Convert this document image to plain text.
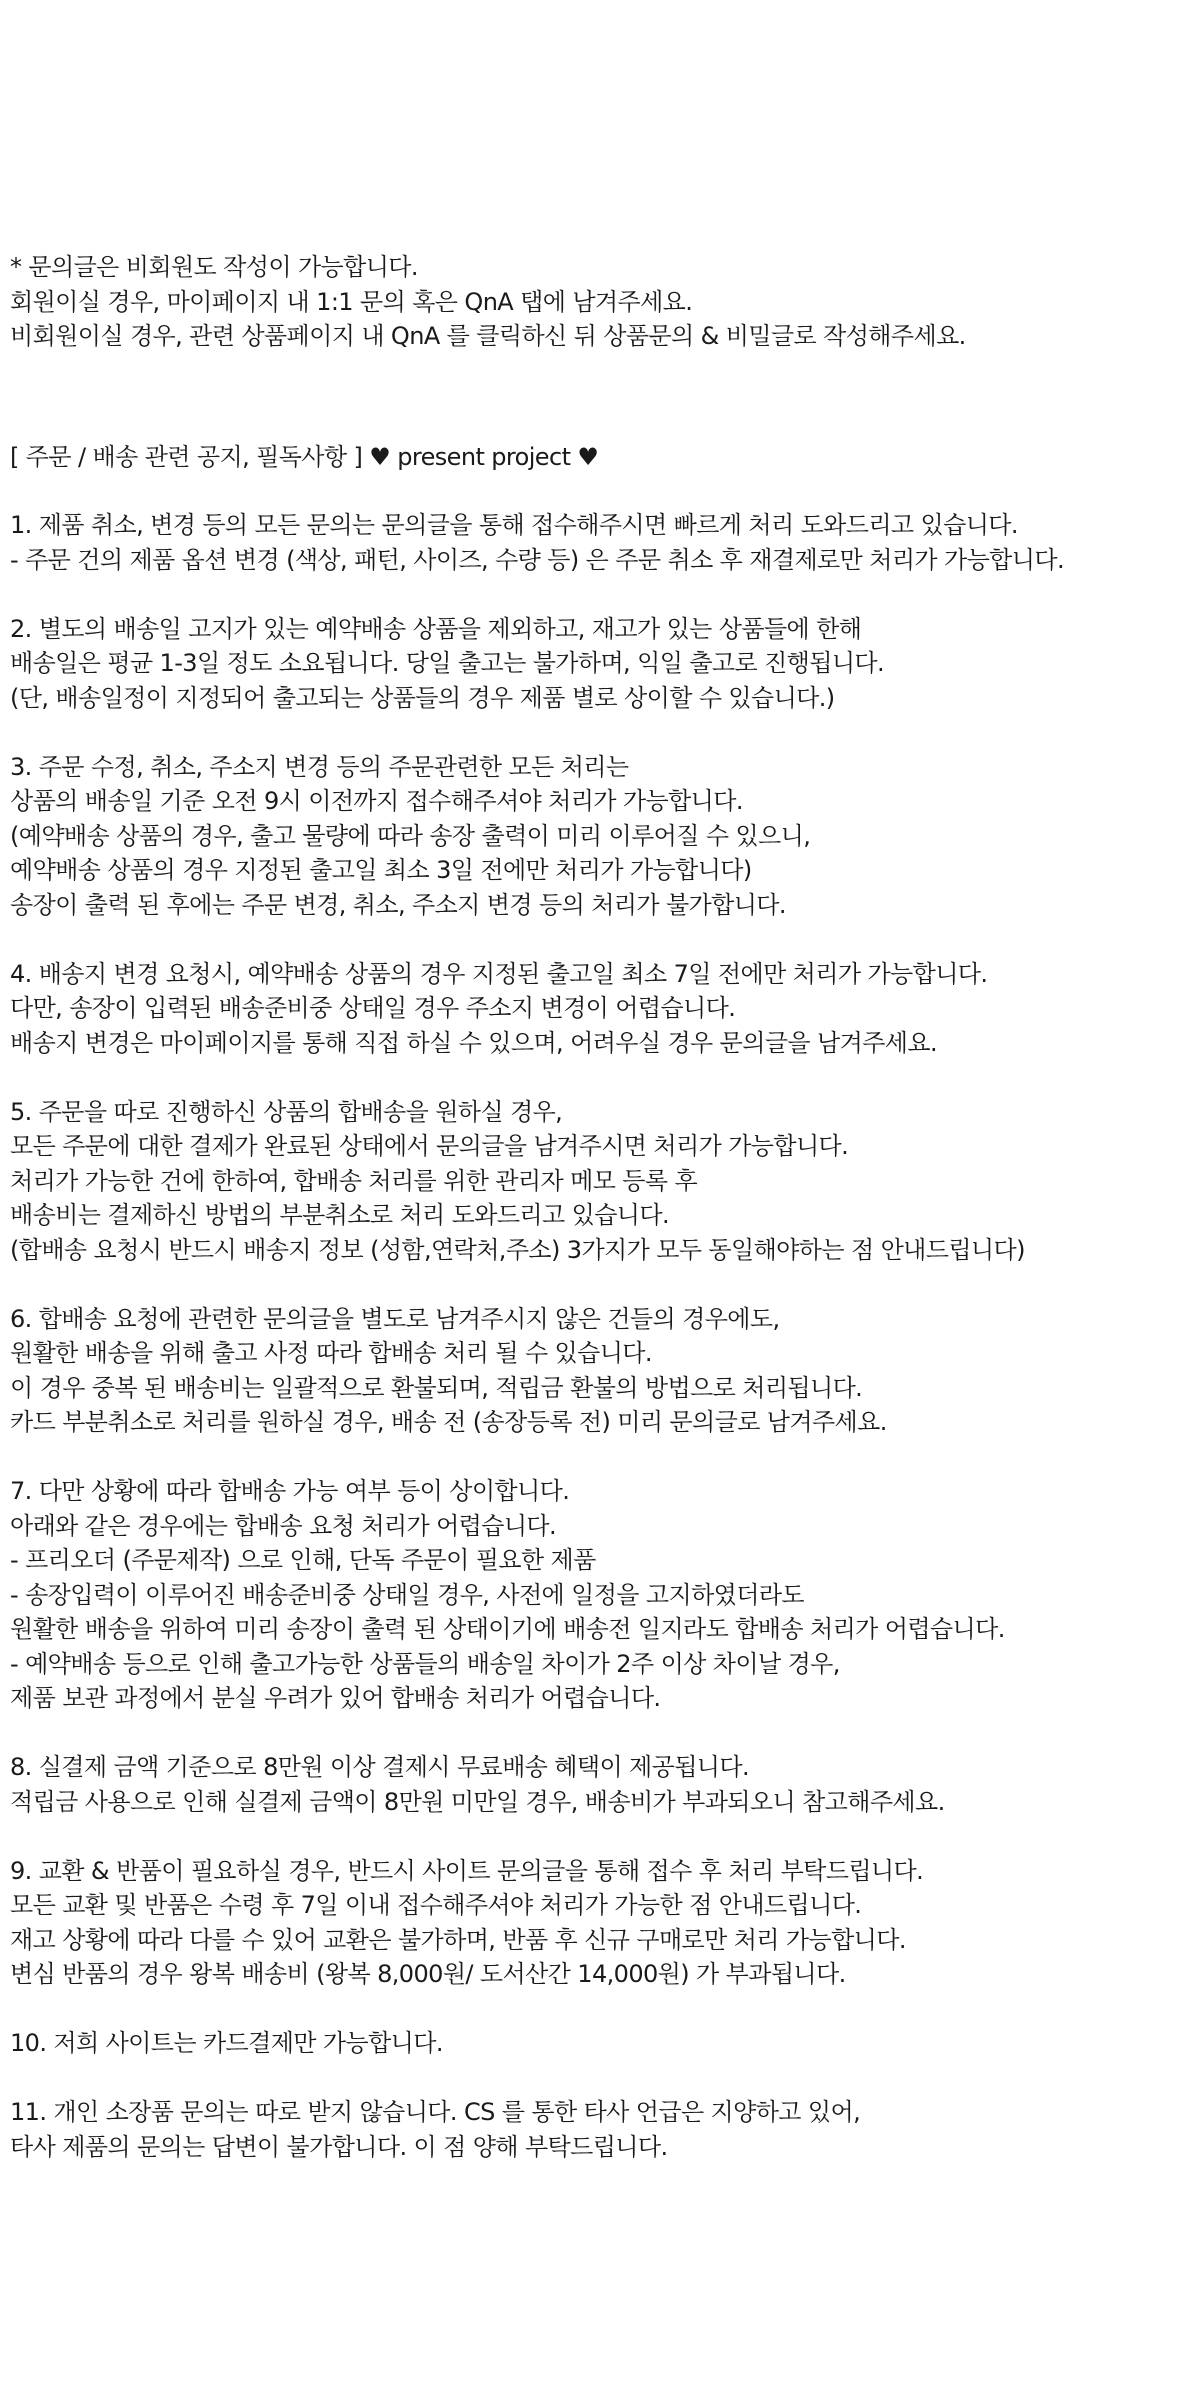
* 문의글은 비회원도 작성이 가능합니다.
회원이실 경우, 마이페이지 내 1:1 문의 혹은 QnA 탭에 남겨주세요.
비회원이실 경우, 관련 상품페이지 내 QnA 를 클릭하신 뒤 상품문의 & 비밀글로 작성해주세요.
[ 주문 / 배송 관련 공지, 필독사항 ] ♥ present project ♥
1. 제품 취소, 변경 등의 모든 문의는 문의글을 통해 접수해주시면 빠르게 처리 도와드리고 있습니다.
- 주문 건의 제품 옵션 변경 (색상, 패턴, 사이즈, 수량 등) 은 주문 취소 후 재결제로만 처리가 가능합니다.
2. 별도의 배송일 고지가 있는 예약배송 상품을 제외하고, 재고가 있는 상품들에 한해
배송일은 평균 1-3일 정도 소요됩니다. 당일 출고는 불가하며, 익일 출고로 진행됩니다.
(단, 배송일정이 지정되어 출고되는 상품들의 경우 제품 별로 상이할 수 있습니다.)
3. 주문 수정, 취소, 주소지 변경 등의 주문관련한 모든 처리는
상품의 배송일 기준 오전 9시 이전까지 접수해주셔야 처리가 가능합니다.
(예약배송 상품의 경우, 출고 물량에 따라 송장 출력이 미리 이루어질 수 있으니,
예약배송 상품의 경우 지정된 출고일 최소 3일 전에만 처리가 가능합니다)
송장이 출력 된 후에는 주문 변경, 취소, 주소지 변경 등의 처리가 불가합니다.
4. 배송지 변경 요청시, 예약배송 상품의 경우 지정된 출고일 최소 7일 전에만 처리가 가능합니다.
다만, 송장이 입력된 배송준비중 상태일 경우 주소지 변경이 어렵습니다.
배송지 변경은 마이페이지를 통해 직접 하실 수 있으며, 어려우실 경우 문의글을 남겨주세요.
5. 주문을 따로 진행하신 상품의 합배송을 원하실 경우,
모든 주문에 대한 결제가 완료된 상태에서 문의글을 남겨주시면 처리가 가능합니다.
처리가 가능한 건에 한하여, 합배송 처리를 위한 관리자 메모 등록 후
배송비는 결제하신 방법의 부분취소로 처리 도와드리고 있습니다.
(합배송 요청시 반드시 배송지 정보 (성함,연락처,주소) 3가지가 모두 동일해야하는 점 안내드립니다)
6. 합배송 요청에 관련한 문의글을 별도로 남겨주시지 않은 건들의 경우에도,
원활한 배송을 위해 출고 사정 따라 합배송 처리 될 수 있습니다.
이 경우 중복 된 배송비는 일괄적으로 환불되며, 적립금 환불의 방법으로 처리됩니다.
카드 부분취소로 처리를 원하실 경우, 배송 전 (송장등록 전) 미리 문의글로 남겨주세요.
7. 다만 상황에 따라 합배송 가능 여부 등이 상이합니다.
아래와 같은 경우에는 합배송 요청 처리가 어렵습니다.
- 프리오더 (주문제작) 으로 인해, 단독 주문이 필요한 제품
- 송장입력이 이루어진 배송준비중 상태일 경우, 사전에 일정을 고지하였더라도
원활한 배송을 위하여 미리 송장이 출력 된 상태이기에 배송전 일지라도 합배송 처리가 어렵습니다.
- 예약배송 등으로 인해 출고가능한 상품들의 배송일 차이가 2주 이상 차이날 경우,
제품 보관 과정에서 분실 우려가 있어 합배송 처리가 어렵습니다.
8. 실결제 금액 기준으로 8만원 이상 결제시 무료배송 혜택이 제공됩니다.
적립금 사용으로 인해 실결제 금액이 8만원 미만일 경우, 배송비가 부과되오니 참고해주세요.
9. 교환 & 반품이 필요하실 경우, 반드시 사이트 문의글을 통해 접수 후 처리 부탁드립니다.
모든 교환 및 반품은 수령 후 7일 이내 접수해주셔야 처리가 가능한 점 안내드립니다.
재고 상황에 따라 다를 수 있어 교환은 불가하며, 반품 후 신규 구매로만 처리 가능합니다.
변심 반품의 경우 왕복 배송비 (왕복 8,000원/ 도서산간 14,000원) 가 부과됩니다.
10. 저희 사이트는 카드결제만 가능합니다.
11. 개인 소장품 문의는 따로 받지 않습니다. CS 를 통한 타사 언급은 지양하고 있어,
타사 제품의 문의는 답변이 불가합니다. 이 점 양해 부탁드립니다.
